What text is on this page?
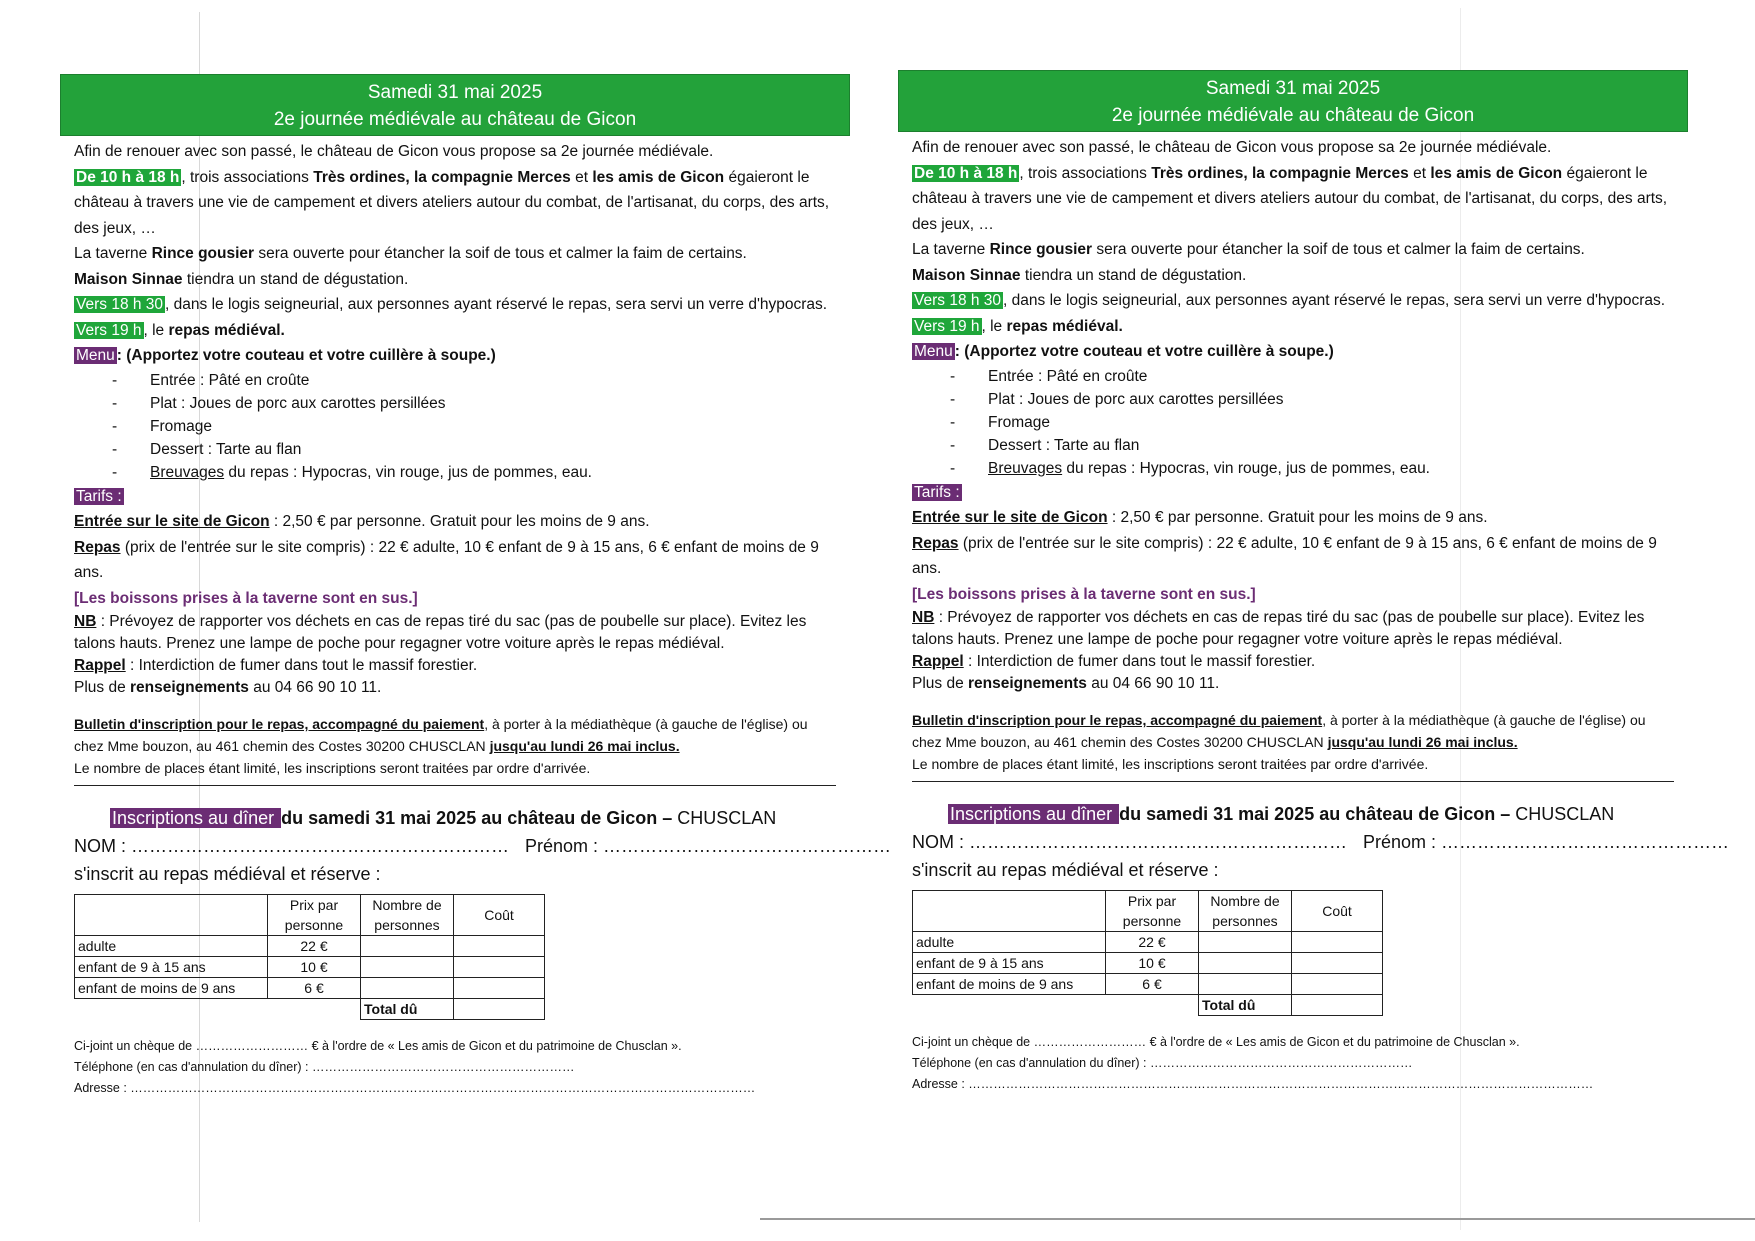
Samedi 31 mai 2025
2e journée médiévale au château de Gicon

Afin de renouer avec son passé, le château de Gicon vous propose sa 2e journée médiévale.

De 10 h à 18 h , trois associations Très ordines, la compagnie Merces et les amis de Gicon égaieront le château à travers une vie de campement et divers ateliers autour du combat, de l'artisanat, du corps, des arts, des jeux, …

La taverne Rince gousier sera ouverte pour étancher la soif de tous et calmer la faim de certains.

Maison Sinnae tiendra un stand de dégustation.

Vers 18 h 30 , dans le logis seigneurial, aux personnes ayant réservé le repas, sera servi un verre d'hypocras.

Vers 19 h , le repas médiéval.

Menu : (Apportez votre couteau et votre cuillère à soupe.)

- Entrée : Pâté en croûte
- Plat : Joues de porc aux carottes persillées
- Fromage
- Dessert : Tarte au flan
- Breuvages du repas : Hypocras, vin rouge, jus de pommes, eau.

Tarifs :

Entrée sur le site de Gicon : 2,50 € par personne. Gratuit pour les moins de 9 ans.

Repas (prix de l'entrée sur le site compris) : 22 € adulte, 10 € enfant de 9 à 15 ans, 6 € enfant de moins de 9 ans.

[Les boissons prises à la taverne sont en sus.]

NB : Prévoyez de rapporter vos déchets en cas de repas tiré du sac (pas de poubelle sur place). Evitez les talons hauts. Prenez une lampe de poche pour regagner votre voiture après le repas médiéval.

Rappel : Interdiction de fumer dans tout le massif forestier.

Plus de renseignements au 04 66 90 10 11.

Bulletin d'inscription pour le repas, accompagné du paiement, à porter à la médiathèque (à gauche de l'église) ou chez Mme bouzon, au 461 chemin des Costes 30200 CHUSCLAN jusqu'au lundi 26 mai inclus.

Le nombre de places étant limité, les inscriptions seront traitées par ordre d'arrivée.

Inscriptions au dîner du samedi 31 mai 2025 au château de Gicon – CHUSCLAN
NOM : ……………………………………………………… Prénom : …………………………………………
s'inscrit au repas médiéval et réserve :
	Prix par personne	Nombre de personnes	Coût
adulte	22 €		
enfant de 9 à 15 ans	10 €		
enfant de moins de 9 ans	6 €		
		Total dû	
Ci-joint un chèque de ……………………… € à l'ordre de « Les amis de Gicon et du patrimoine de Chusclan ».
Téléphone (en cas d'annulation du dîner) : ………………………………………………………
Adresse : ……………………………………………………………………………………………………………………………………
Samedi 31 mai 2025
2e journée médiévale au château de Gicon

Afin de renouer avec son passé, le château de Gicon vous propose sa 2e journée médiévale.

De 10 h à 18 h , trois associations Très ordines, la compagnie Merces et les amis de Gicon égaieront le château à travers une vie de campement et divers ateliers autour du combat, de l'artisanat, du corps, des arts, des jeux, …

La taverne Rince gousier sera ouverte pour étancher la soif de tous et calmer la faim de certains.

Maison Sinnae tiendra un stand de dégustation.

Vers 18 h 30 , dans le logis seigneurial, aux personnes ayant réservé le repas, sera servi un verre d'hypocras.

Vers 19 h , le repas médiéval.

Menu : (Apportez votre couteau et votre cuillère à soupe.)

- Entrée : Pâté en croûte
- Plat : Joues de porc aux carottes persillées
- Fromage
- Dessert : Tarte au flan
- Breuvages du repas : Hypocras, vin rouge, jus de pommes, eau.

Tarifs :

Entrée sur le site de Gicon : 2,50 € par personne. Gratuit pour les moins de 9 ans.

Repas (prix de l'entrée sur le site compris) : 22 € adulte, 10 € enfant de 9 à 15 ans, 6 € enfant de moins de 9 ans.

[Les boissons prises à la taverne sont en sus.]

NB : Prévoyez de rapporter vos déchets en cas de repas tiré du sac (pas de poubelle sur place). Evitez les talons hauts. Prenez une lampe de poche pour regagner votre voiture après le repas médiéval.

Rappel : Interdiction de fumer dans tout le massif forestier.

Plus de renseignements au 04 66 90 10 11.

Bulletin d'inscription pour le repas, accompagné du paiement, à porter à la médiathèque (à gauche de l'église) ou chez Mme bouzon, au 461 chemin des Costes 30200 CHUSCLAN jusqu'au lundi 26 mai inclus.

Le nombre de places étant limité, les inscriptions seront traitées par ordre d'arrivée.

Inscriptions au dîner du samedi 31 mai 2025 au château de Gicon – CHUSCLAN
NOM : ……………………………………………………… Prénom : …………………………………………
s'inscrit au repas médiéval et réserve :
	Prix par personne	Nombre de personnes	Coût
adulte	22 €		
enfant de 9 à 15 ans	10 €		
enfant de moins de 9 ans	6 €		
		Total dû	
Ci-joint un chèque de ……………………… € à l'ordre de « Les amis de Gicon et du patrimoine de Chusclan ».
Téléphone (en cas d'annulation du dîner) : ………………………………………………………
Adresse : ……………………………………………………………………………………………………………………………………
